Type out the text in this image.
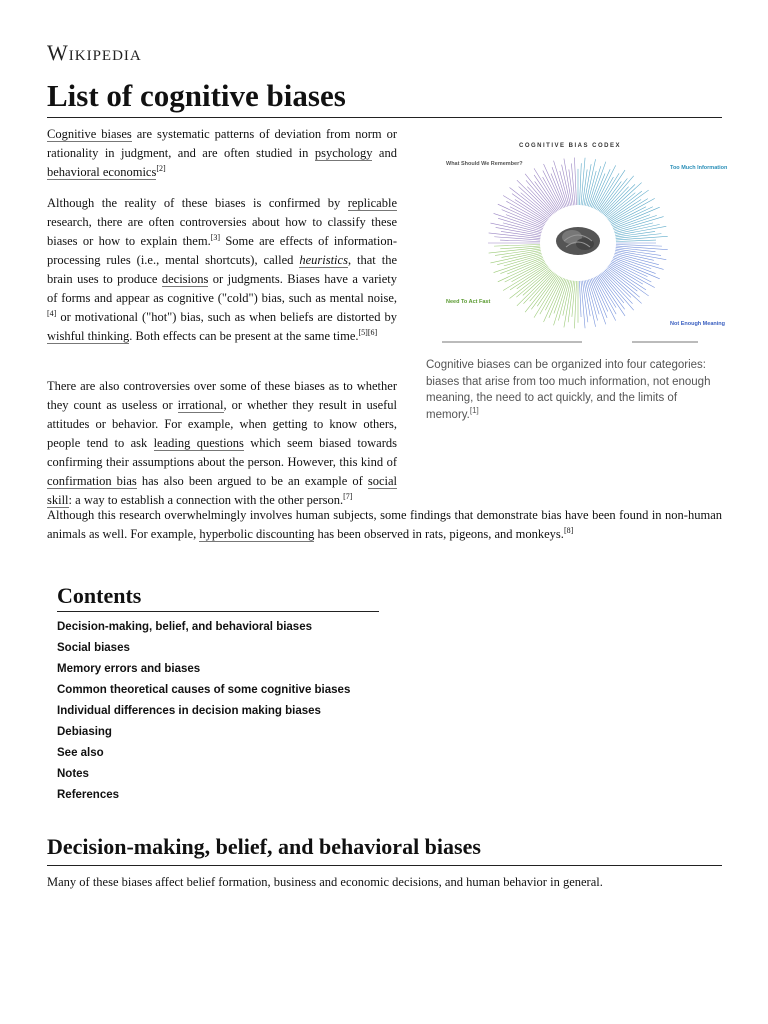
Wikipedia
List of cognitive biases

Cognitive biases are systematic patterns of deviation from norm or rationality in judgment, and are often studied in psychology and behavioral economics[2]

Although the reality of these biases is confirmed by replicable research, there are often controversies about how to classify these biases or how to explain them.[3] Some are effects of information-processing rules (i.e., mental shortcuts), called heuristics, that the brain uses to produce decisions or judgments. Biases have a variety of forms and appear as cognitive ("cold") bias, such as mental noise,[4] or motivational ("hot") bias, such as when beliefs are distorted by wishful thinking. Both effects can be present at the same time.[5][6]

COGNITIVE BIAS CODEX
What Should We Remember?
Too Much Information
Need To Act Fast
Not Enough Meaning

Cognitive biases can be organized into four categories: biases that arise from too much information, not enough meaning, the need to act quickly, and the limits of memory.[1]

There are also controversies over some of these biases as to whether they count as useless or irrational, or whether they result in useful attitudes or behavior. For example, when getting to know others, people tend to ask leading questions which seem biased towards confirming their assumptions about the person. However, this kind of confirmation bias has also been argued to be an example of social skill: a way to establish a connection with the other person.[7]

Although this research overwhelmingly involves human subjects, some findings that demonstrate bias have been found in non-human animals as well. For example, hyperbolic discounting has been observed in rats, pigeons, and monkeys.[8]

Contents
Decision-making, belief, and behavioral biases
Social biases
Memory errors and biases
Common theoretical causes of some cognitive biases
Individual differences in decision making biases
Debiasing
See also
Notes
References
Decision-making, belief, and behavioral biases

Many of these biases affect belief formation, business and economic decisions, and human behavior in general.
